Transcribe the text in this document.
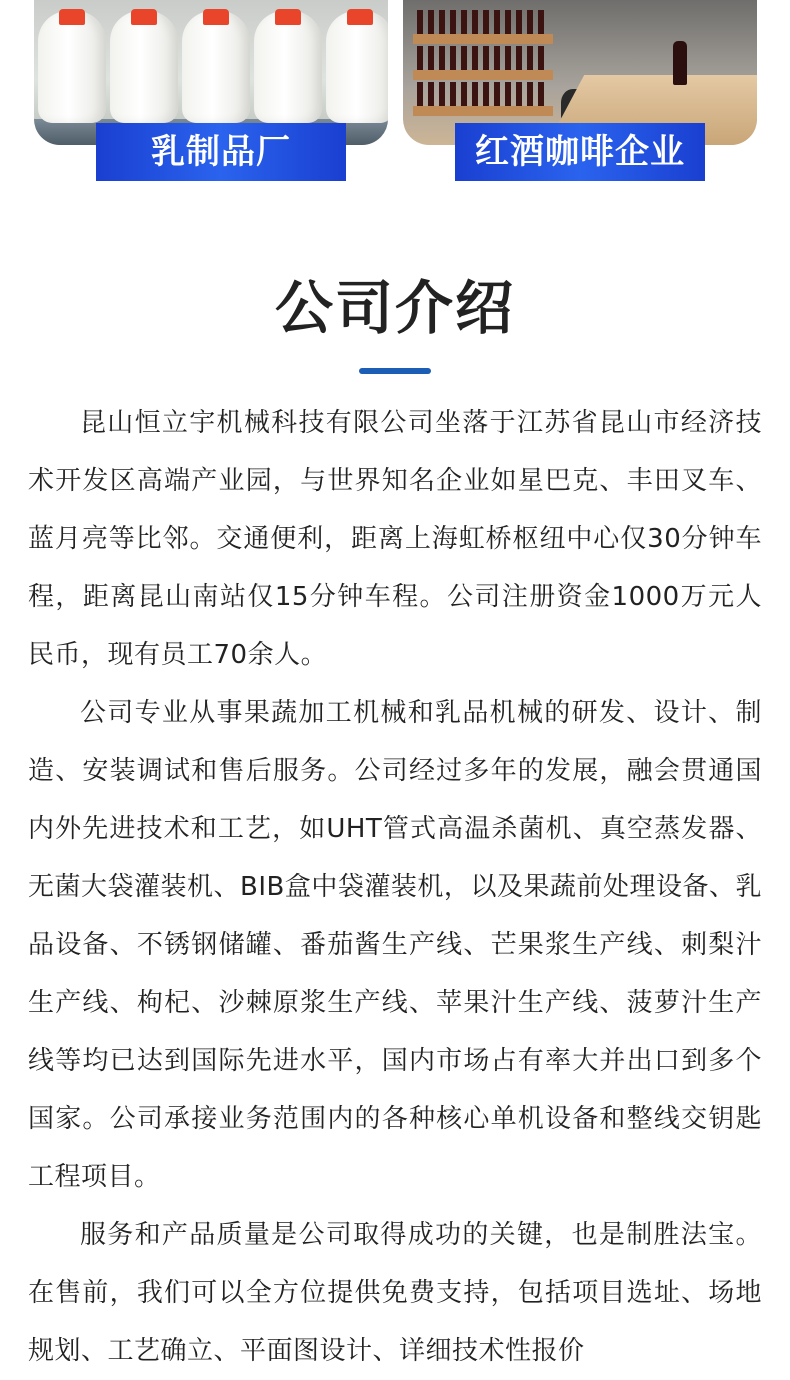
乳制品厂	红酒咖啡企业
公司介绍

昆山恒立宇机械科技有限公司坐落于江苏省昆山市经济技术开发区高端产业园，与世界知名企业如星巴克、丰田叉车、蓝月亮等比邻。交通便利，距离上海虹桥枢纽中心仅30分钟车程，距离昆山南站仅15分钟车程。公司注册资金1000万元人民币，现有员工70余人。

公司专业从事果蔬加工机械和乳品机械的研发、设计、制造、安装调试和售后服务。公司经过多年的发展，融会贯通国内外先进技术和工艺，如UHT管式高温杀菌机、真空蒸发器、无菌大袋灌装机、BIB盒中袋灌装机，以及果蔬前处理设备、乳品设备、不锈钢储罐、番茄酱生产线、芒果浆生产线、刺梨汁生产线、枸杞、沙棘原浆生产线、苹果汁生产线、菠萝汁生产线等均已达到国际先进水平，国内市场占有率大并出口到多个国家。公司承接业务范围内的各种核心单机设备和整线交钥匙工程项目。

服务和产品质量是公司取得成功的关键，也是制胜法宝。在售前，我们可以全方位提供免费支持，包括项目选址、场地规划、工艺确立、平面图设计、详细技术性报价
